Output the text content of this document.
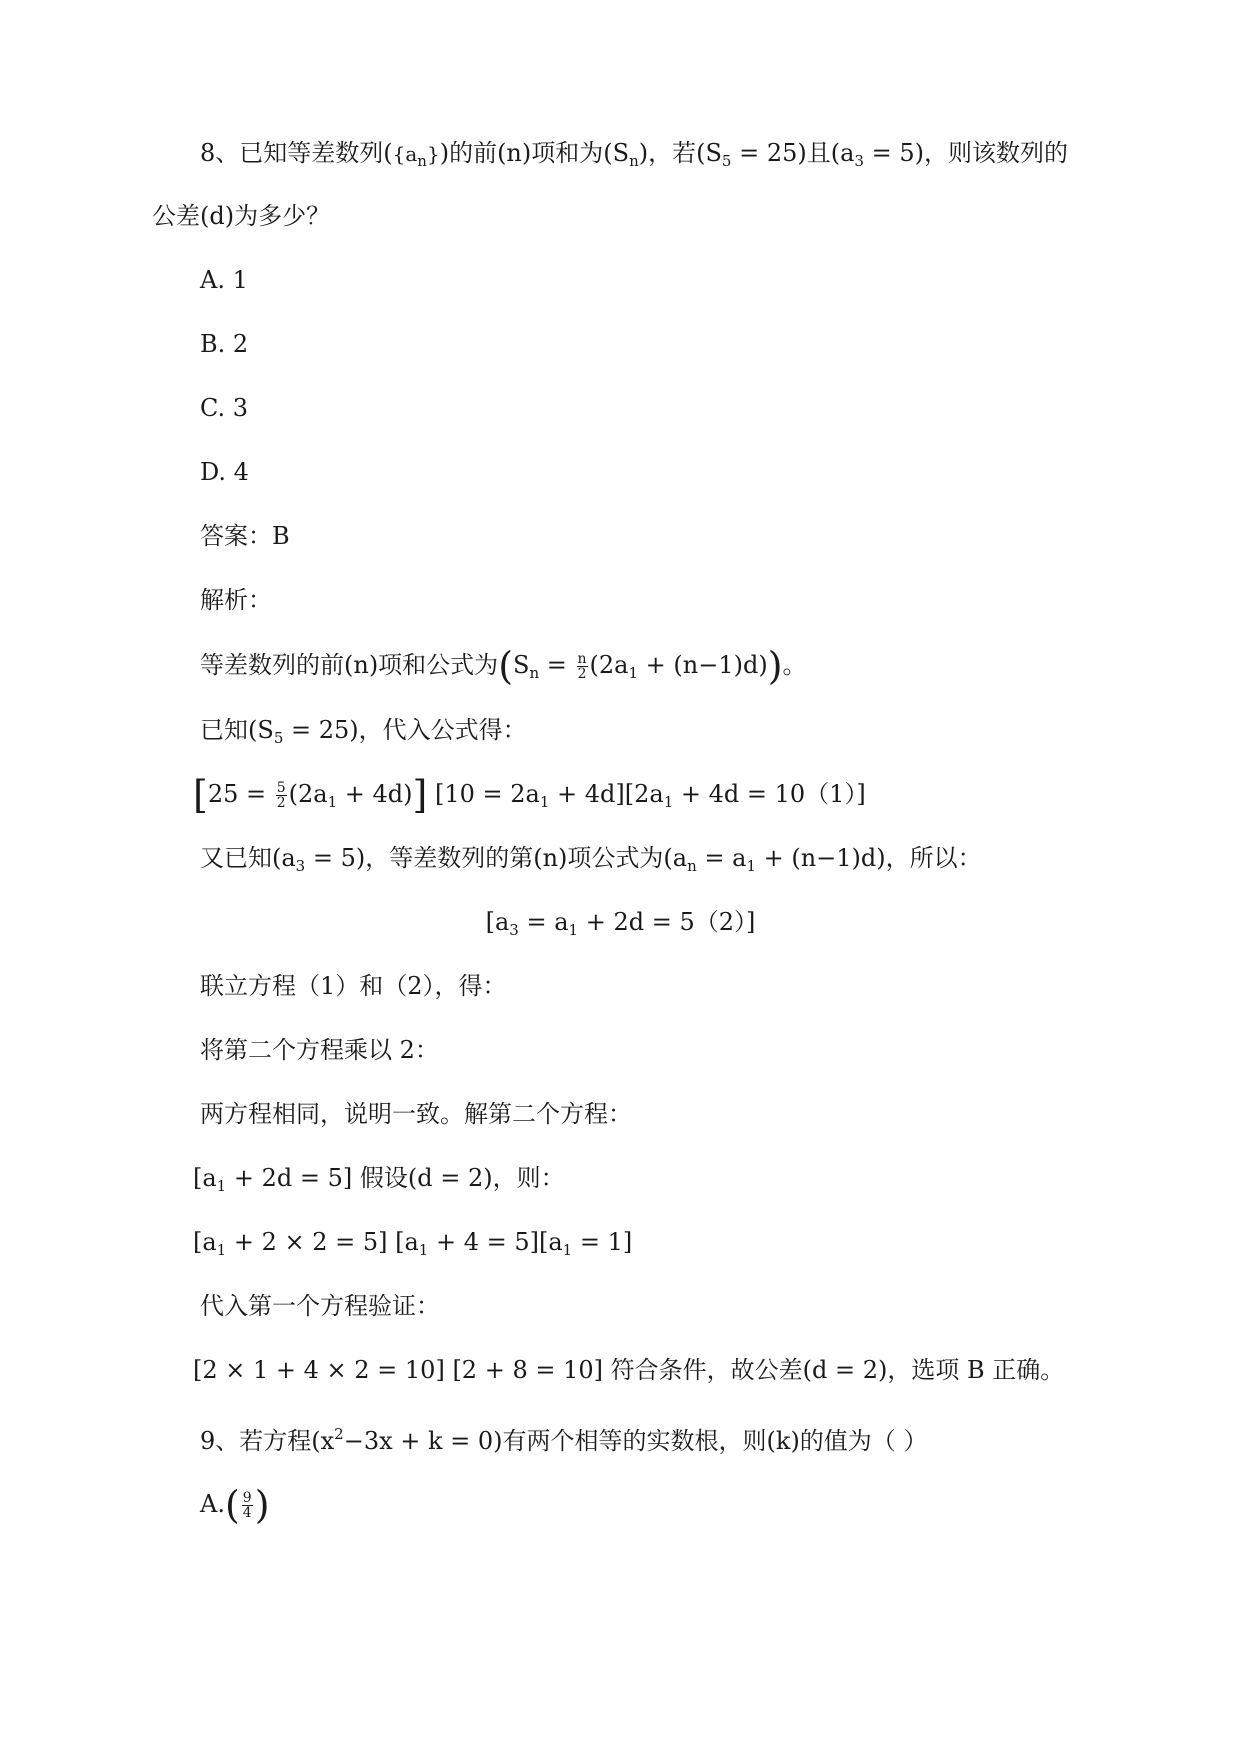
8、已知等差数列$(\{a_n\})$的前(n)项和为$(S_n)$，若$(S_5 = 25)$且$(a_3 = 5)$，则该数列的
公差(d)为多少？
A. 1
B. 2
C. 3
D. 4
答案：B
解析：
等差数列的前(n)项和公式为$(S_n = \frac{n}{2} (2a_1 + (n-1)d))$。
已知$(S_5 = 25)$，代入公式得：
$[25 = \frac{5}{2} (2a_1 + 4d)]$ $[10 = 2a_1 + 4d][2a_1 + 4d = 10(1)]$
又已知$(a_3 = 5)$，等差数列的第(n)项公式为$(a_n = a_1 + (n-1)d)$，所以：
$[a_3 = a_1 + 2d = 5(2)]$
联立方程（1）和（2），得：
将第二个方程乘以 2：
两方程相同，说明一致。解第二个方程：
$[a_1 + 2d = 5]$ 假设(d = 2)，则：
$[a_1 + 2 \times 2 = 5] [a_1 + 4 = 5][a_1 = 1]$
代入第一个方程验证：
[2 × 1 + 4 × 2 = 10] [2 + 8 = 10] 符合条件，故公差(d = 2)，选项 B 正确。
9、若方程$(x^2-3x + k = 0)$有两个相等的实数根，则(k)的值为（ ）
$A.( \frac{9}{4}$ )
